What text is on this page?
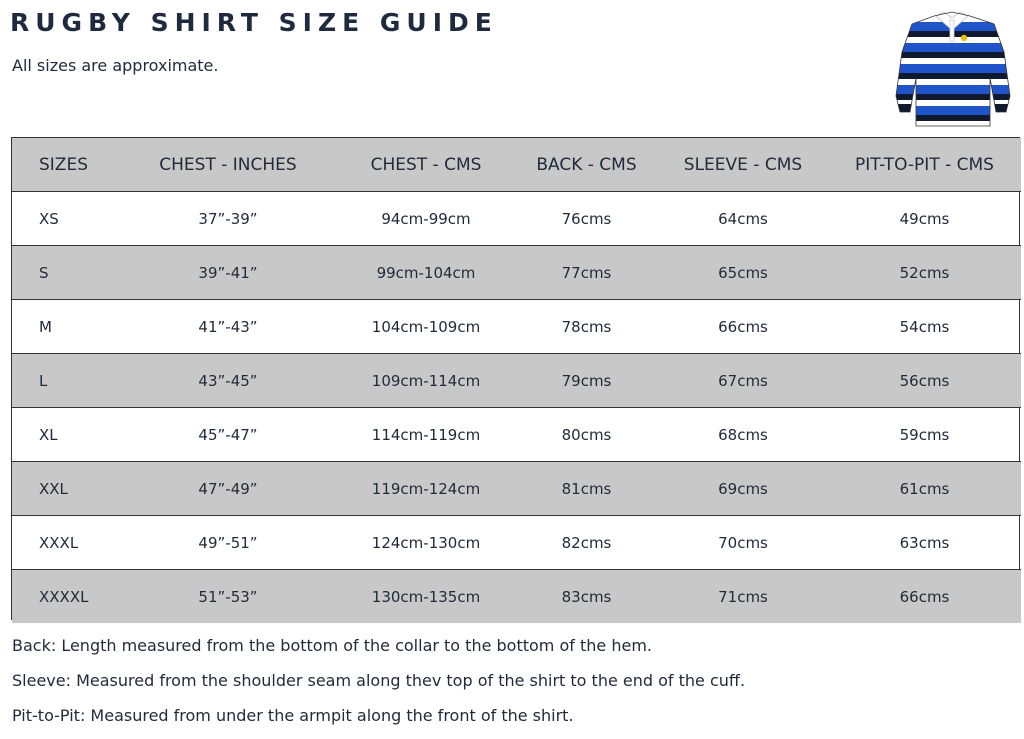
RUGBY SHIRT SIZE GUIDE
All sizes are approximate.
SIZES	CHEST - INCHES	CHEST - CMS	BACK - CMS	SLEEVE - CMS	PIT-TO-PIT - CMS
XS	37”-39”	94cm-99cm	76cms	64cms	49cms
S	39”-41”	99cm-104cm	77cms	65cms	52cms
M	41”-43”	104cm-109cm	78cms	66cms	54cms
L	43”-45”	109cm-114cm	79cms	67cms	56cms
XL	45”-47”	114cm-119cm	80cms	68cms	59cms
XXL	47”-49”	119cm-124cm	81cms	69cms	61cms
XXXL	49”-51”	124cm-130cm	82cms	70cms	63cms
XXXXL	51”-53”	130cm-135cm	83cms	71cms	66cms
Back: Length measured from the bottom of the collar to the bottom of the hem.
Sleeve: Measured from the shoulder seam along thev top of the shirt to the end of the cuff.
Pit-to-Pit: Measured from under the armpit along the front of the shirt.
